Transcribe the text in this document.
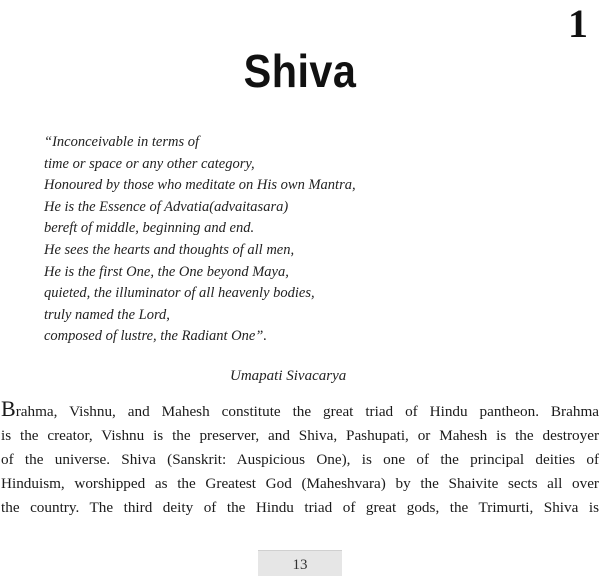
1
Shiva
“Inconceivable in terms of
time or space or any other category,
Honoured by those who meditate on His own Mantra,
He is the Essence of Advatia(advaitasara)
bereft of middle, beginning and end.
He sees the hearts and thoughts of all men,
He is the first One, the One beyond Maya,
quieted, the illuminator of all heavenly bodies,
truly named the Lord,
composed of lustre, the Radiant One”.
Umapati Sivacarya
Brahma, Vishnu, and Mahesh constitute the great triad of Hindu pantheon. Brahma
is the creator, Vishnu is the preserver, and Shiva, Pashupati, or Mahesh is the destroyer
of the universe. Shiva (Sanskrit: Auspicious One), is one of the principal deities of
Hinduism, worshipped as the Greatest God (Maheshvara) by the Shaivite sects all over
the country. The third deity of the Hindu triad of great gods, the Trimurti, Shiva is
13
